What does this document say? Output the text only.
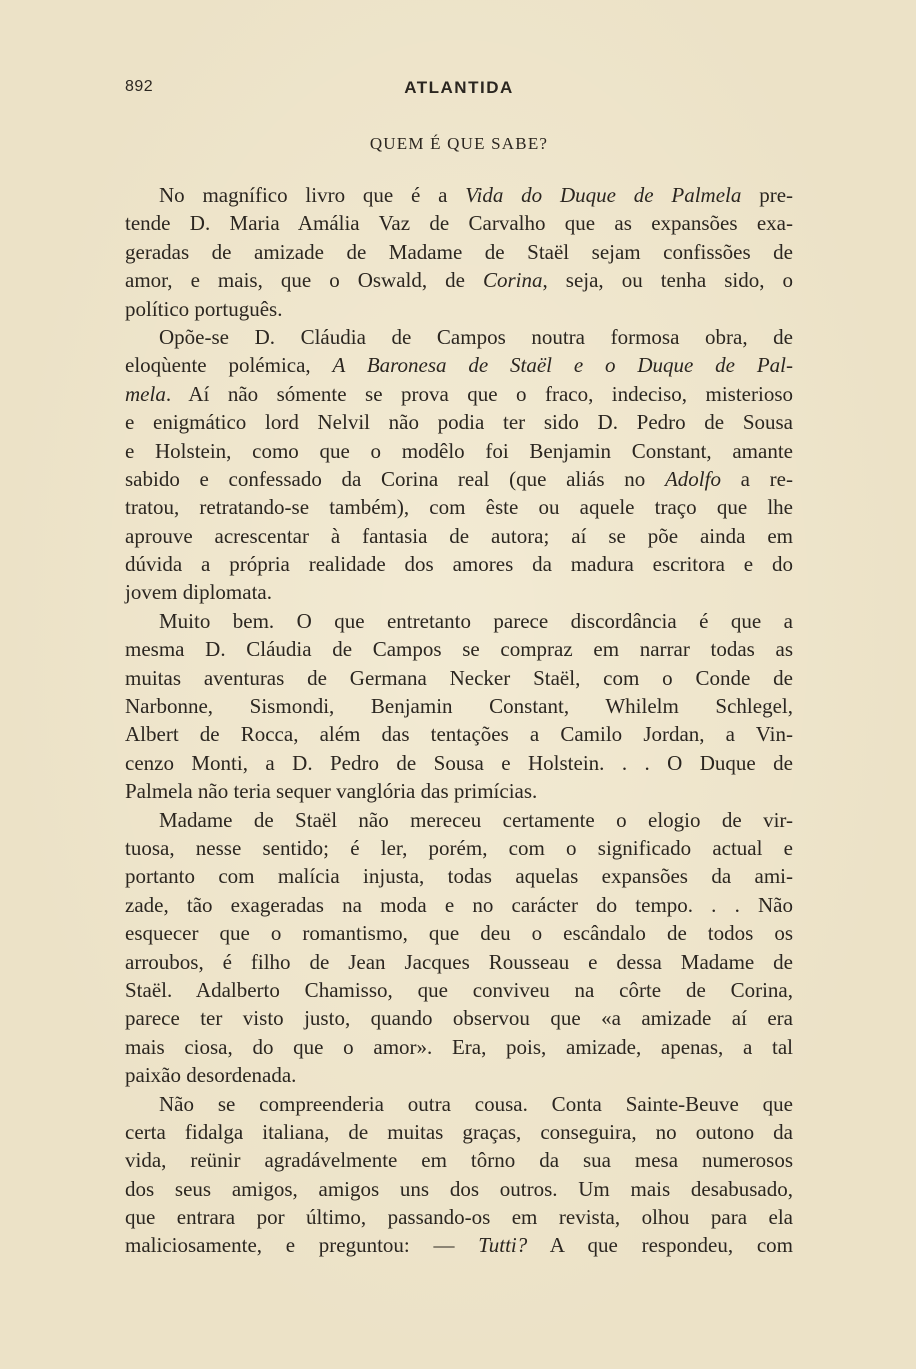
892	ATLANTIDA
QUEM É QUE SABE?
No magnífico livro que é a Vida do Duque de Palmela pre-
tende D. Maria Amália Vaz de Carvalho que as expansões exa-
geradas de amizade de Madame de Staël sejam confissões de
amor, e mais, que o Oswald, de Corina, seja, ou tenha sido, o
político português.
Opõe-se D. Cláudia de Campos noutra formosa obra, de
eloqùente polémica, A Baronesa de Staël e o Duque de Pal-
mela. Aí não sómente se prova que o fraco, indeciso, misterioso
e enigmático lord Nelvil não podia ter sido D. Pedro de Sousa
e Holstein, como que o modêlo foi Benjamin Constant, amante
sabido e confessado da Corina real (que aliás no Adolfo a re-
tratou, retratando-se também), com êste ou aquele traço que lhe
aprouve acrescentar à fantasia de autora; aí se põe ainda em
dúvida a própria realidade dos amores da madura escritora e do
jovem diplomata.
Muito bem. O que entretanto parece discordância é que a
mesma D. Cláudia de Campos se compraz em narrar todas as
muitas aventuras de Germana Necker Staël, com o Conde de
Narbonne, Sismondi, Benjamin Constant, Whilelm Schlegel,
Albert de Rocca, além das tentações a Camilo Jordan, a Vin-
cenzo Monti, a D. Pedro de Sousa e Holstein. . . O Duque de
Palmela não teria sequer vanglória das primícias.
Madame de Staël não mereceu certamente o elogio de vir-
tuosa, nesse sentido; é ler, porém, com o significado actual e
portanto com malícia injusta, todas aquelas expansões da ami-
zade, tão exageradas na moda e no carácter do tempo. . . Não
esquecer que o romantismo, que deu o escândalo de todos os
arroubos, é filho de Jean Jacques Rousseau e dessa Madame de
Staël. Adalberto Chamisso, que conviveu na côrte de Corina,
parece ter visto justo, quando observou que «a amizade aí era
mais ciosa, do que o amor». Era, pois, amizade, apenas, a tal
paixão desordenada.
Não se compreenderia outra cousa. Conta Sainte-Beuve que
certa fidalga italiana, de muitas graças, conseguira, no outono da
vida, reünir agradávelmente em tôrno da sua mesa numerosos
dos seus amigos, amigos uns dos outros. Um mais desabusado,
que entrara por último, passando-os em revista, olhou para ela
maliciosamente, e preguntou: — Tutti? A que respondeu, com
